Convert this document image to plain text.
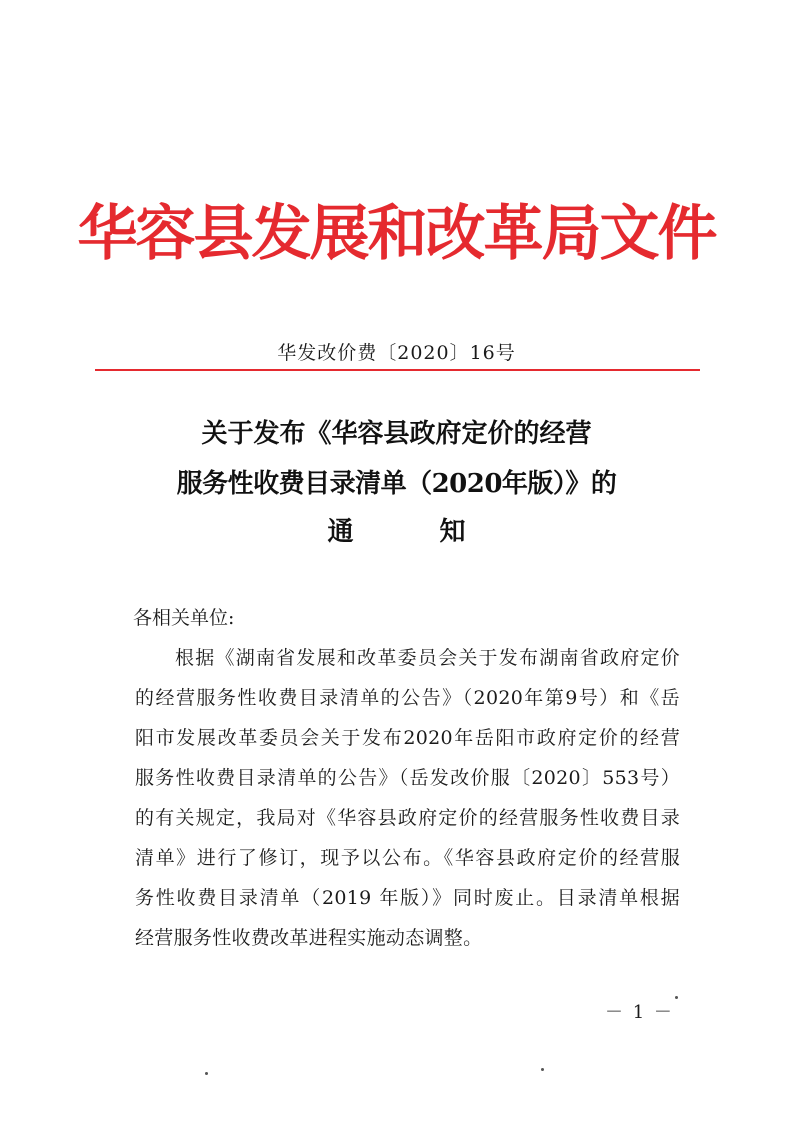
华容县发展和改革局文件
华发改价费〔2020〕16号
关于发布《华容县政府定价的经营
服务性收费目录清单（2020年版）》的
通	知
各相关单位:
根据《湖南省发展和改革委员会关于发布湖南省政府定价
的经营服务性收费目录清单的公告》（2020年第9号）和《岳
阳市发展改革委员会关于发布2020年岳阳市政府定价的经营
服务性收费目录清单的公告》（岳发改价服〔2020〕553号）
的有关规定，我局对《华容县政府定价的经营服务性收费目录
清单》进行了修订，现予以公布。《华容县政府定价的经营服
务性收费目录清单（2019 年版）》同时废止。目录清单根据
经营服务性收费改革进程实施动态调整。
－ 1 －
